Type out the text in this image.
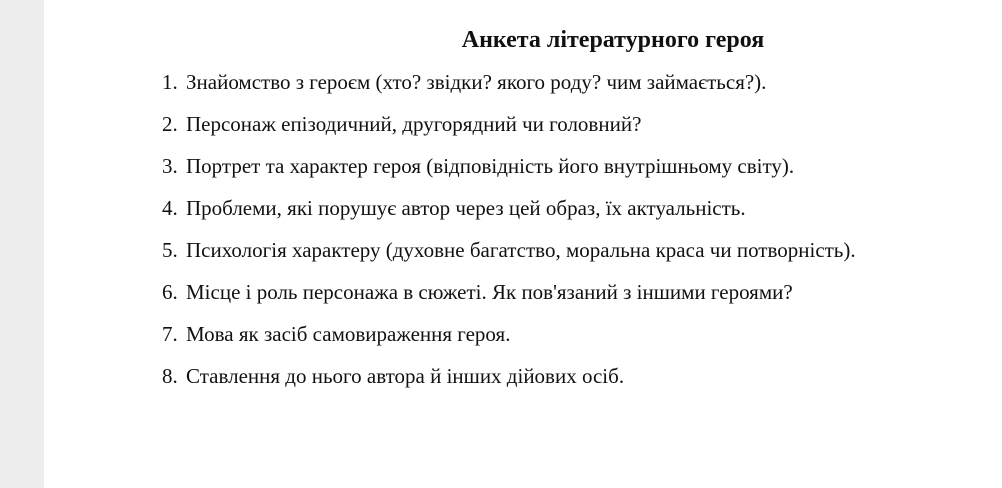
Анкета літературного героя
1. Знайомство з героєм (хто? звідки? якого роду? чим займається?).
2. Персонаж епізодичний, другорядний чи головний?
3. Портрет та характер героя (відповідність його внутрішньому світу).
4. Проблеми, які порушує автор через цей образ, їх актуальність.
5. Психологія характеру (духовне багатство, моральна краса чи потворність).
6. Місце і роль персонажа в сюжеті. Як пов'язаний з іншими героями?
7. Мова як засіб самовираження героя.
8. Ставлення до нього автора й інших дійових осіб.
